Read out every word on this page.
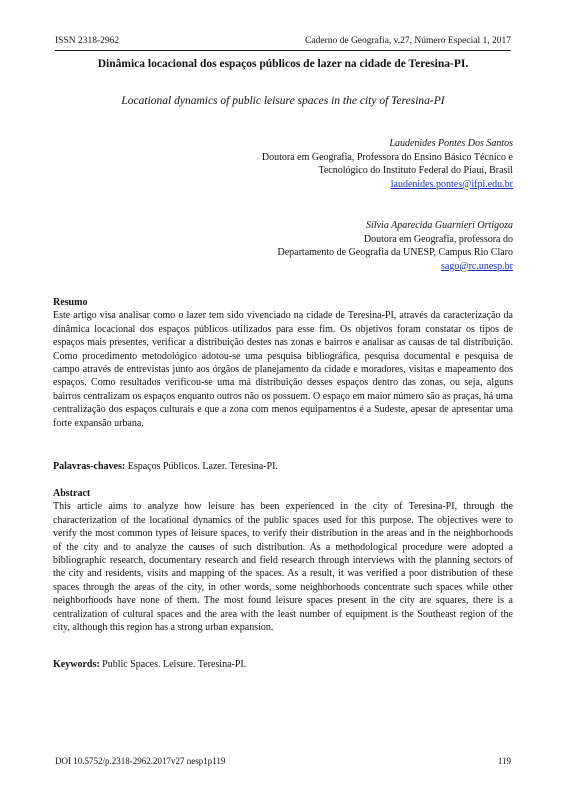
ISSN 2318-2962	Caderno de Geografia, v.27, Número Especial 1, 2017
Dinâmica locacional dos espaços públicos de lazer na cidade de Teresina-PI.
Locational dynamics of public leisure spaces in the city of Teresina-PI
Laudenides Pontes Dos Santos
Doutora em Geografia, Professora do Ensino Básico Técnico e
Tecnológico do Instituto Federal do Piauí, Brasil
laudenides.pontes@ifpi.edu.br
Silvia Aparecida Guarnieri Ortigoza
Doutora em Geografia, professora do
Departamento de Geografia da UNESP, Campus Rio Claro
sago@rc.unesp.br
Resumo

Este artigo visa analisar como o lazer tem sido vivenciado na cidade de Teresina-PI, através da caracterização da dinâmica locacional dos espaços públicos utilizados para esse fim. Os objetivos foram constatar os tipos de espaços mais presentes, verificar a distribuição destes nas zonas e bairros e analisar as causas de tal distribuição. Como procedimento metodológico adotou-se uma pesquisa bibliográfica, pesquisa documental e pesquisa de campo através de entrevistas junto aos órgãos de planejamento da cidade e moradores, visitas e mapeamento dos espaços. Como resultados verificou-se uma má distribuição desses espaços dentro das zonas, ou seja, alguns bairros centralizam os espaços enquanto outros não os possuem. O espaço em maior número são as praças, há uma centralização dos espaços culturais e que a zona com menos equipamentos é a Sudeste, apesar de apresentar uma forte expansão urbana.

Palavras-chaves: Espaços Públicos. Lazer. Teresina-PI.

Abstract

This article aims to analyze how leisure has been experienced in the city of Teresina-PI, through the characterization of the locational dynamics of the public spaces used for this purpose. The objectives were to verify the most common types of leisure spaces, to verify their distribution in the areas and in the neighborhoods of the city and to analyze the causes of such distribution. As a methodological procedure were adopted a bibliographic research, documentary research and field research through interviews with the planning sectors of the city and residents, visits and mapping of the spaces. As a result, it was verified a poor distribution of these spaces through the areas of the city, in other words, some neighborhoods concentrate such spaces while other neighborhoods have none of them. The most found leisure spaces present in the city are squares, there is a centralization of cultural spaces and the area with the least number of equipment is the Southeast region of the city, although this region has a strong urban expansion.

Keywords: Public Spaces. Leisure. Teresina-PI.

DOI 10.5752/p.2318-2962.2017v27 nesp1p119	119
